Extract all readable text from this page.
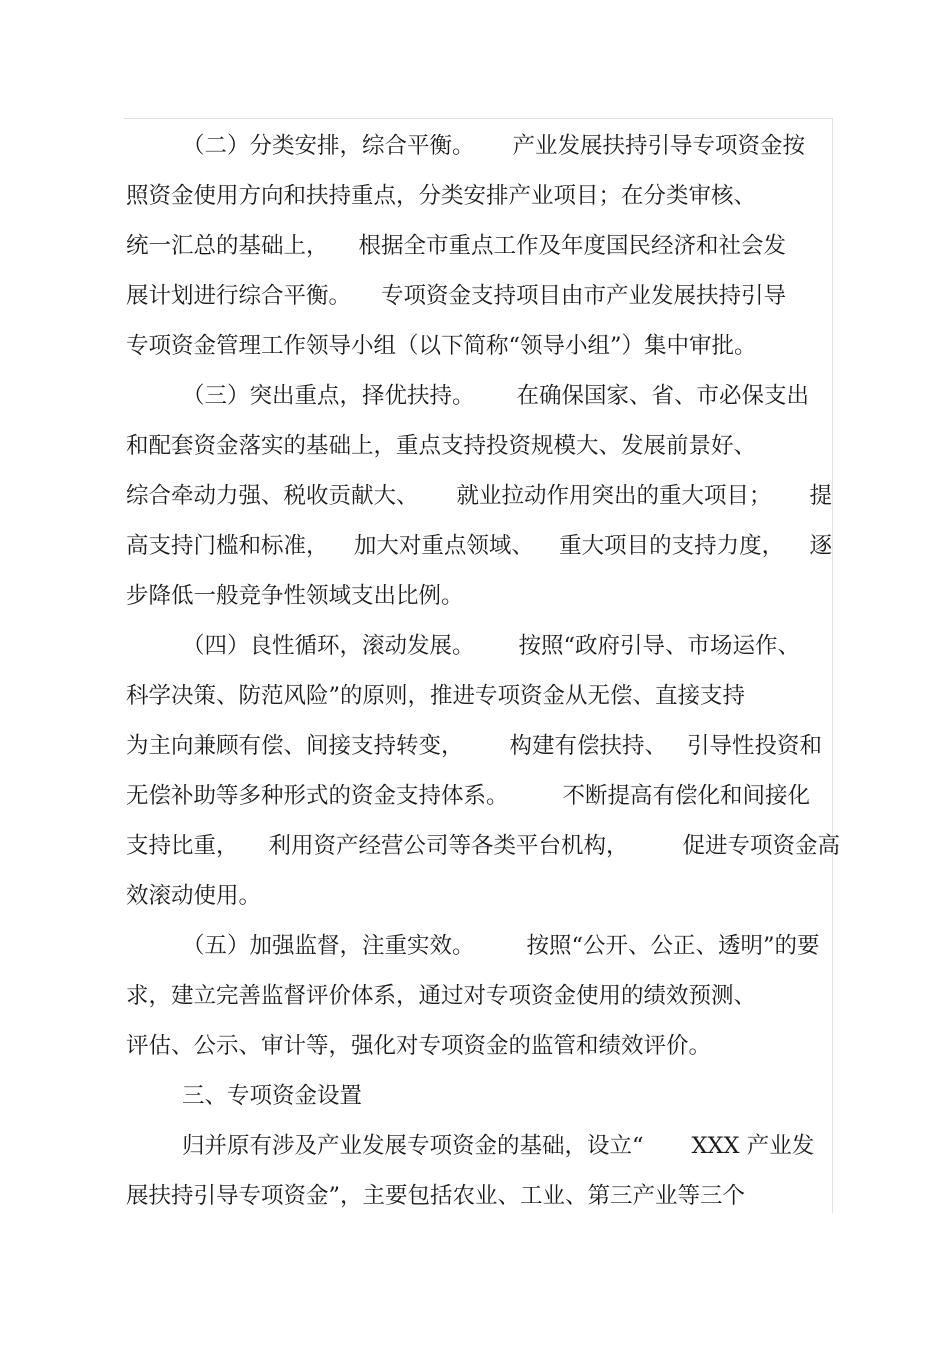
（二）分类安排，综合平衡。 产业发展扶持引导专项资金按
照资金使用方向和扶持重点，分类安排产业项目；在分类审核、
统一汇总的基础上， 根据全市重点工作及年度国民经济和社会发
展计划进行综合平衡。 专项资金支持项目由市产业发展扶持引导
专项资金管理工作领导小组（以下简称“领导小组”）集中审批。
（三）突出重点，择优扶持。 在确保国家、省、市必保支出
和配套资金落实的基础上，重点支持投资规模大、发展前景好、
综合牵动力强、税收贡献大、 就业拉动作用突出的重大项目； 提
高支持门槛和标准， 加大对重点领域、 重大项目的支持力度， 逐
步降低一般竞争性领域支出比例。
（四）良性循环，滚动发展。 按照“政府引导、市场运作、
科学决策、防范风险”的原则，推进专项资金从无偿、直接支持
为主向兼顾有偿、间接支持转变， 构建有偿扶持、 引导性投资和
无偿补助等多种形式的资金支持体系。 不断提高有偿化和间接化
支持比重， 利用资产经营公司等各类平台机构， 促进专项资金高
效滚动使用。
（五）加强监督，注重实效。 按照“公开、公正、透明”的要
求，建立完善监督评价体系，通过对专项资金使用的绩效预测、
评估、公示、审计等，强化对专项资金的监管和绩效评价。
三、专项资金设置
归并原有涉及产业发展专项资金的基础，设立“ XXX 产业发
展扶持引导专项资金”，主要包括农业、工业、第三产业等三个
